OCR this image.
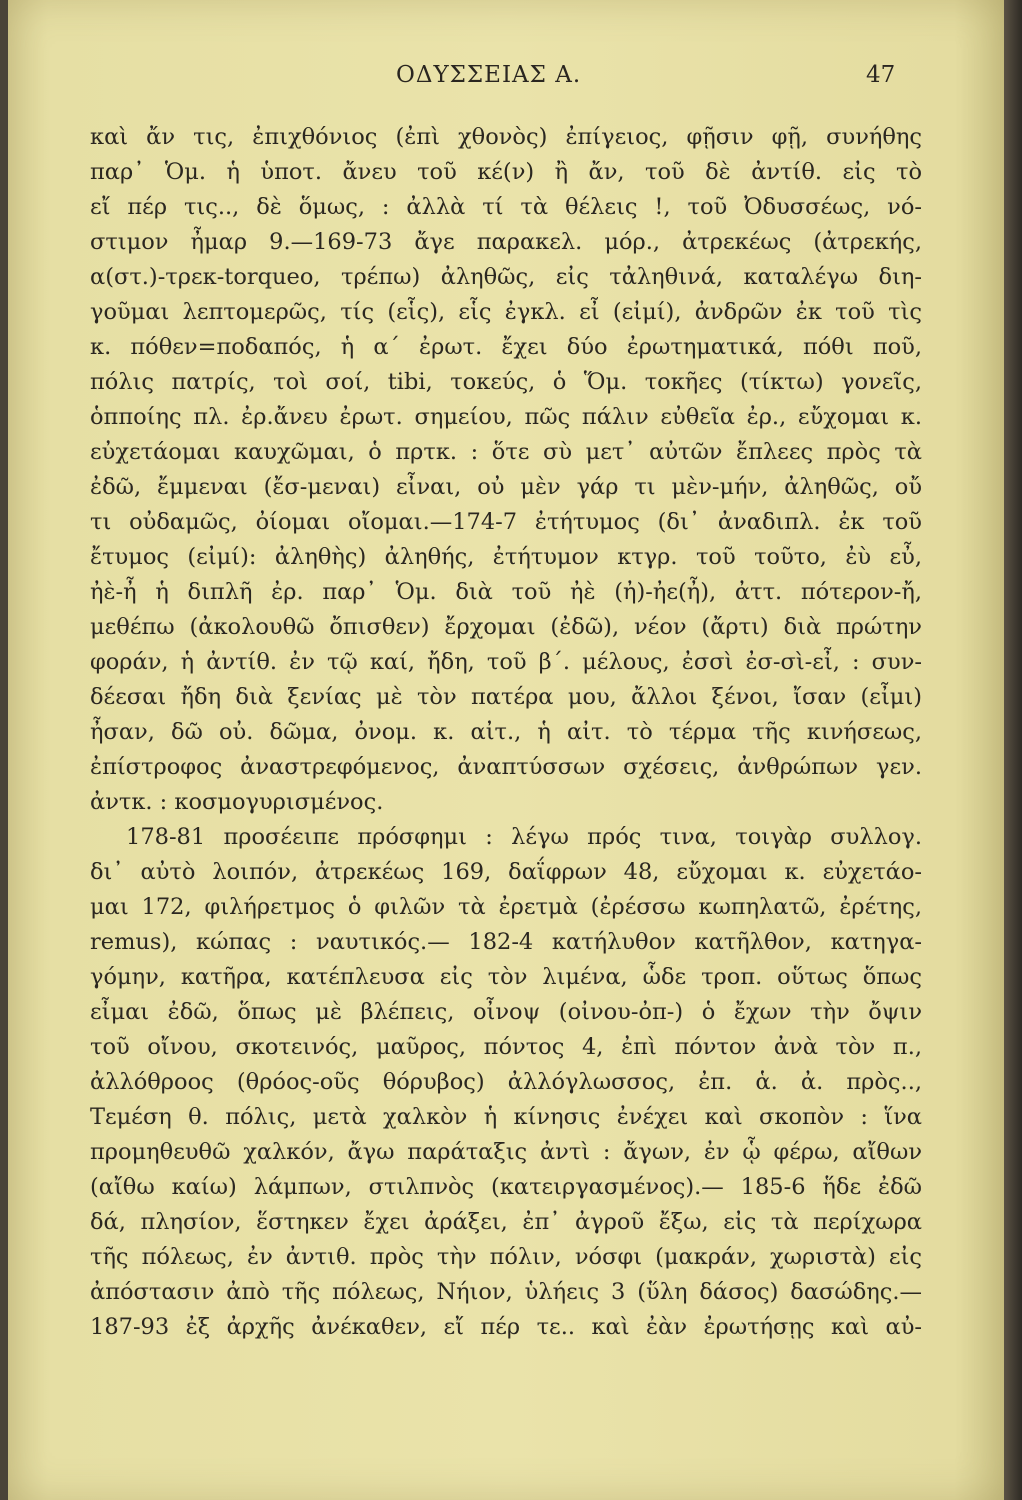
ΟΔΥΣΣΕΙΑΣ Α.	47
καὶ ἄν τις, ἐπιχθόνιος (ἐπὶ χθονὸς) ἐπίγειος, φῇσιν φῇ, συνήθης
παρ᾽ Ὁμ. ἡ ὑποτ. ἄνευ τοῦ κέ(ν) ἢ ἄν, τοῦ δὲ ἀντίθ. εἰς τὸ
εἴ πέρ τις.., δὲ ὅμως, : ἀλλὰ τί τὰ θέλεις !, τοῦ Ὀδυσσέως, νό-
στιμον ἦμαρ 9.—169-73 ἄγε παρακελ. μόρ., ἀτρεκέως (ἀτρεκής,
α(στ.)-τρεκ-torqueo, τρέπω) ἀληθῶς, εἰς τἀληθινά, καταλέγω διη-
γοῦμαι λεπτομερῶς, τίς (εἷς), εἷς ἐγκλ. εἶ (εἰμί), ἀνδρῶν ἐκ τοῦ τὶς
κ. πόθεν=ποδαπός, ἡ α´ ἐρωτ. ἔχει δύο ἐρωτηματικά, πόθι ποῦ,
πόλις πατρίς, τοὶ σοί, tibi, τοκεύς, ὁ Ὅμ. τοκῆες (τίκτω) γονεῖς,
ὁπποίης πλ. ἐρ.ἄνευ ἐρωτ. σημείου, πῶς πάλιν εὐθεῖα ἐρ., εὔχομαι κ.
εὐχετάομαι καυχῶμαι, ὁ πρτκ. : ὅτε σὺ μετ᾽ αὐτῶν ἔπλεες πρὸς τὰ
ἐδῶ, ἔμμεναι (ἔσ-μεναι) εἶναι, οὐ μὲν γάρ τι μὲν-μήν, ἀληθῶς, οὔ
τι οὐδαμῶς, ὀίομαι οἴομαι.—174-7 ἐτήτυμος (δι᾽ ἀναδιπλ. ἐκ τοῦ
ἔτυμος (εἰμί): ἀληθὴς) ἀληθής, ἐτήτυμον κτγρ. τοῦ τοῦτο, ἐὺ εὖ,
ἠὲ-ἦ ἡ διπλῆ ἐρ. παρ᾽ Ὁμ. διὰ τοῦ ἠὲ (ἠ)-ἠε(ἦ), ἀττ. πότερον-ἤ,
μεθέπω (ἀκολουθῶ ὄπισθεν) ἔρχομαι (ἐδῶ), νέον (ἄρτι) διὰ πρώτην
φοράν, ἡ ἀντίθ. ἐν τῷ καί, ἤδη, τοῦ β´. μέλους, ἐσσὶ ἐσ-σὶ-εἶ, : συν-
δέεσαι ἤδη διὰ ξενίας μὲ τὸν πατέρα μου, ἄλλοι ξένοι, ἴσαν (εἶμι)
ἦσαν, δῶ οὐ. δῶμα, ὀνομ. κ. αἰτ., ἡ αἰτ. τὸ τέρμα τῆς κινήσεως,
ἐπίστροφος ἀναστρεφόμενος, ἀναπτύσσων σχέσεις, ἀνθρώπων γεν.
ἀντκ. : κοσμογυρισμένος.
178-81 προσέειπε πρόσφημι : λέγω πρός τινα, τοιγὰρ συλλογ.
δι᾽ αὐτὸ λοιπόν, ἀτρεκέως 169, δαΐφρων 48, εὔχομαι κ. εὐχετάο-
μαι 172, φιλήρετμος ὁ φιλῶν τὰ ἐρετμὰ (ἐρέσσω κωπηλατῶ, ἐρέτης,
remus), κώπας : ναυτικός.— 182-4 κατήλυθον κατῆλθον, κατηγα-
γόμην, κατῆρα, κατέπλευσα εἰς τὸν λιμένα, ὧδε τροπ. οὕτως ὅπως
εἶμαι ἐδῶ, ὅπως μὲ βλέπεις, οἶνοψ (οἰνου-ὀπ-) ὁ ἔχων τὴν ὄψιν
τοῦ οἴνου, σκοτεινός, μαῦρος, πόντος 4, ἐπὶ πόντον ἀνὰ τὸν π.,
ἀλλόθροος (θρόος-οῦς θόρυβος) ἀλλόγλωσσος, ἐπ. ἁ. ἀ. πρὸς..,
Τεμέση θ. πόλις, μετὰ χαλκὸν ἡ κίνησις ἐνέχει καὶ σκοπὸν : ἵνα
προμηθευθῶ χαλκόν, ἄγω παράταξις ἀντὶ : ἄγων, ἐν ᾧ φέρω, αἴθων
(αἴθω καίω) λάμπων, στιλπνὸς (κατειργασμένος).— 185-6 ἥδε ἐδῶ
δά, πλησίον, ἕστηκεν ἔχει ἀράξει, ἐπ᾽ ἀγροῦ ἔξω, εἰς τὰ περίχωρα
τῆς πόλεως, ἐν ἀντιθ. πρὸς τὴν πόλιν, νόσφι (μακράν, χωριστὰ) εἰς
ἀπόστασιν ἀπὸ τῆς πόλεως, Νήιον, ὑλήεις 3 (ὕλη δάσος) δασώδης.—
187-93 ἐξ ἀρχῆς ἀνέκαθεν, εἴ πέρ τε.. καὶ ἐὰν ἐρωτήσῃς καὶ αὐ-
